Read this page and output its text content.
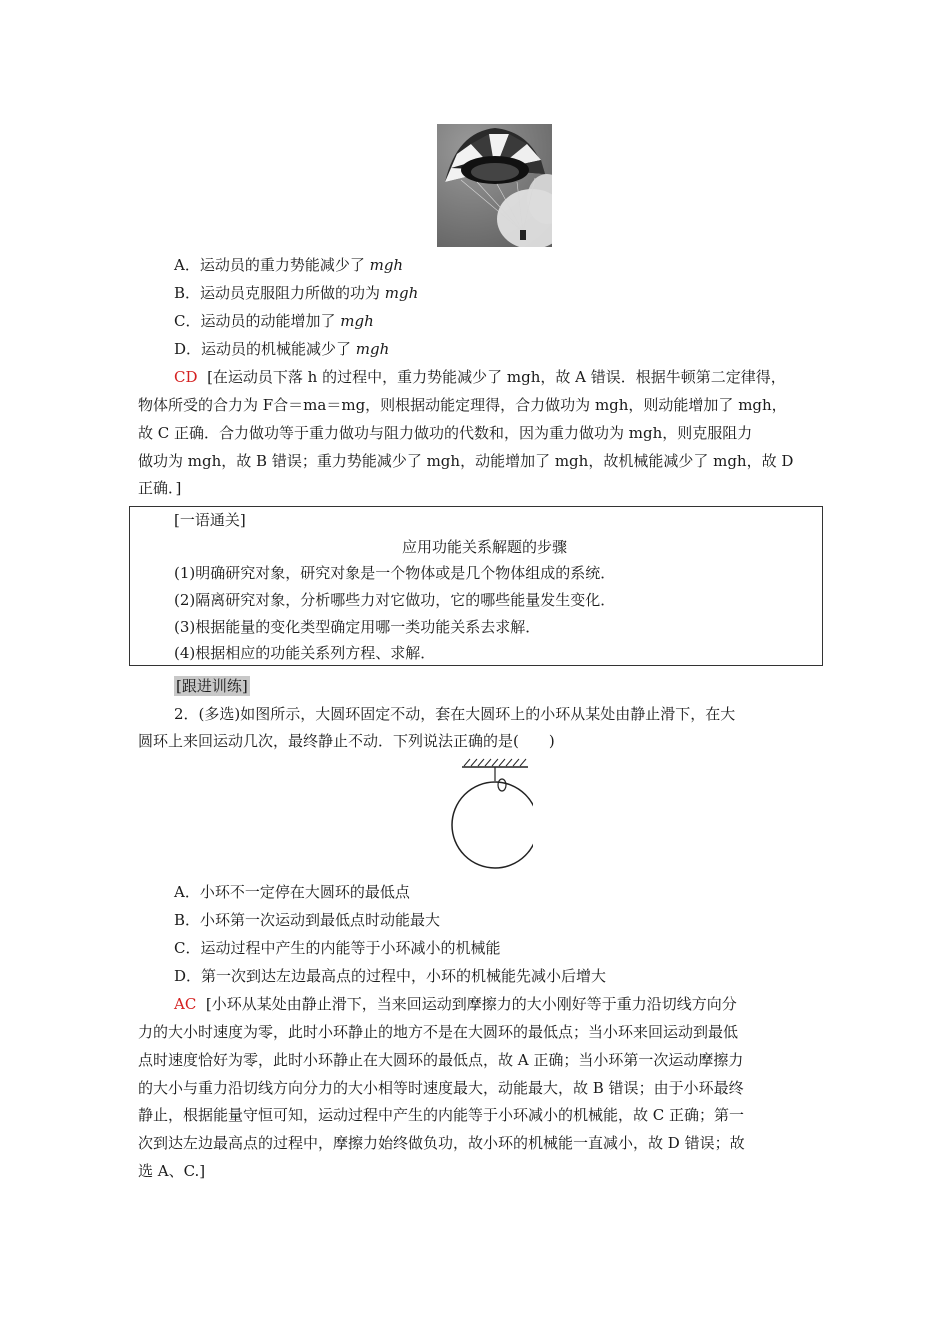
A．运动员的重力势能减少了 mgh
B．运动员克服阻力所做的功为 mgh
C．运动员的动能增加了 mgh
D．运动员的机械能减少了 mgh
CD [在运动员下落 h 的过程中，重力势能减少了 mgh，故 A 错误．根据牛顿第二定律得，
物体所受的合力为 F合＝ma＝mg，则根据动能定理得，合力做功为 mgh，则动能增加了 mgh，
故 C 正确．合力做功等于重力做功与阻力做功的代数和，因为重力做功为 mgh，则克服阻力
做功为 mgh，故 B 错误；重力势能减少了 mgh，动能增加了 mgh，故机械能减少了 mgh，故 D
正确．]
[一语通关]
应用功能关系解题的步骤
(1)明确研究对象，研究对象是一个物体或是几个物体组成的系统．
(2)隔离研究对象，分析哪些力对它做功，它的哪些能量发生变化．
(3)根据能量的变化类型确定用哪一类功能关系去求解．
(4)根据相应的功能关系列方程、求解．
[跟进训练]
2．(多选)如图所示，大圆环固定不动，套在大圆环上的小环从某处由静止滑下，在大
圆环上来回运动几次，最终静止不动．下列说法正确的是(　　)
A．小环不一定停在大圆环的最低点
B．小环第一次运动到最低点时动能最大
C．运动过程中产生的内能等于小环减小的机械能
D．第一次到达左边最高点的过程中，小环的机械能先减小后增大
AC [小环从某处由静止滑下，当来回运动到摩擦力的大小刚好等于重力沿切线方向分
力的大小时速度为零，此时小环静止的地方不是在大圆环的最低点；当小环来回运动到最低
点时速度恰好为零，此时小环静止在大圆环的最低点，故 A 正确；当小环第一次运动摩擦力
的大小与重力沿切线方向分力的大小相等时速度最大，动能最大，故 B 错误；由于小环最终
静止，根据能量守恒可知，运动过程中产生的内能等于小环减小的机械能，故 C 正确；第一
次到达左边最高点的过程中，摩擦力始终做负功，故小环的机械能一直减小，故 D 错误；故
选 A、C.]
